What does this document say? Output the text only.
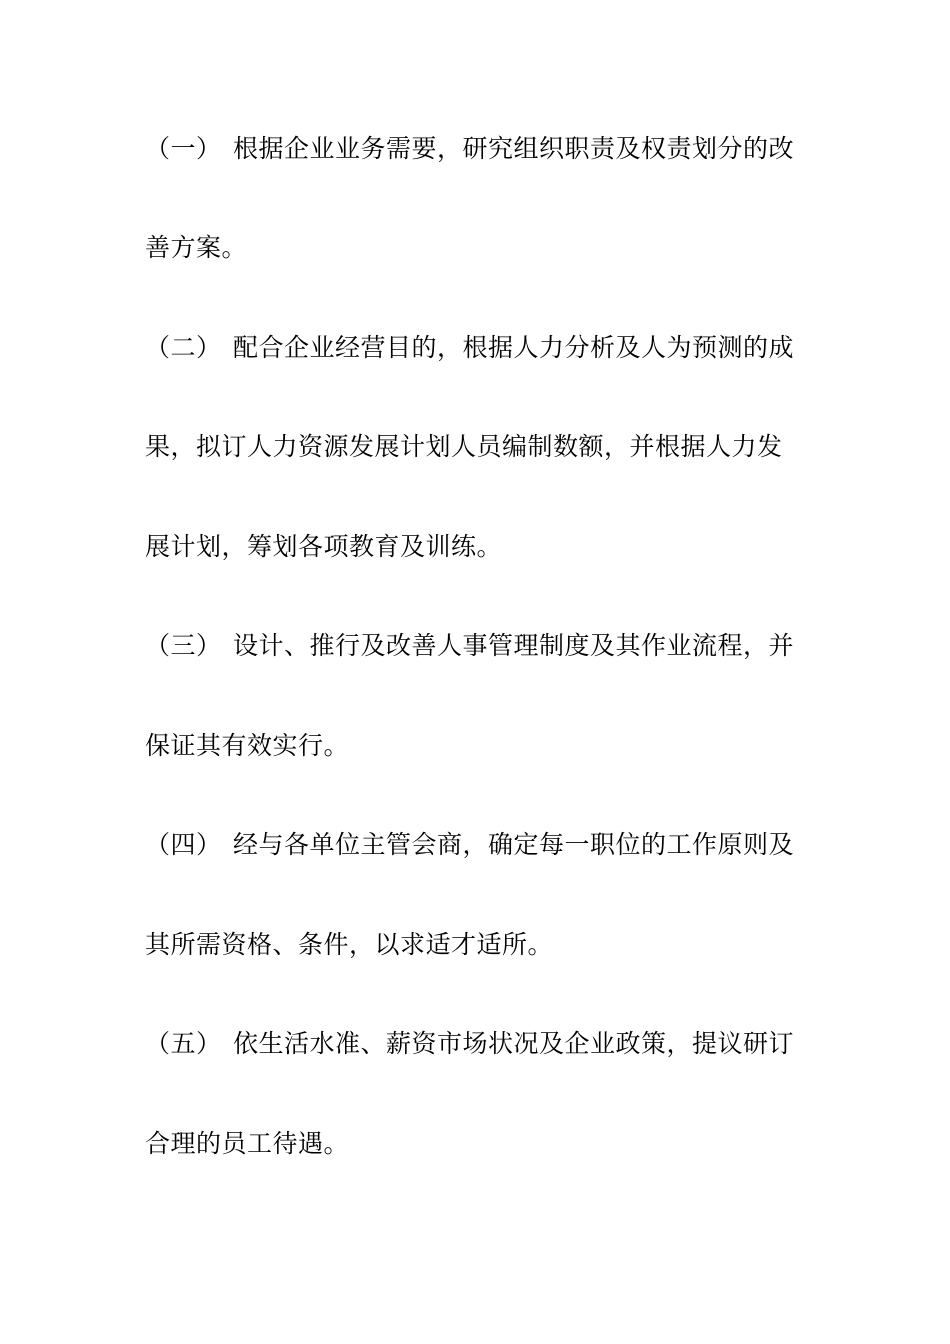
（一） 根据企业业务需要，研究组织职责及权责划分的改
善方案。
（二） 配合企业经营目的，根据人力分析及人为预测的成
果，拟订人力资源发展计划人员编制数额，并根据人力发
展计划，筹划各项教育及训练。
（三） 设计、推行及改善人事管理制度及其作业流程，并
保证其有效实行。
（四） 经与各单位主管会商，确定每一职位的工作原则及
其所需资格、条件，以求适才适所。
（五） 依生活水准、薪资市场状况及企业政策，提议研订
合理的员工待遇。
